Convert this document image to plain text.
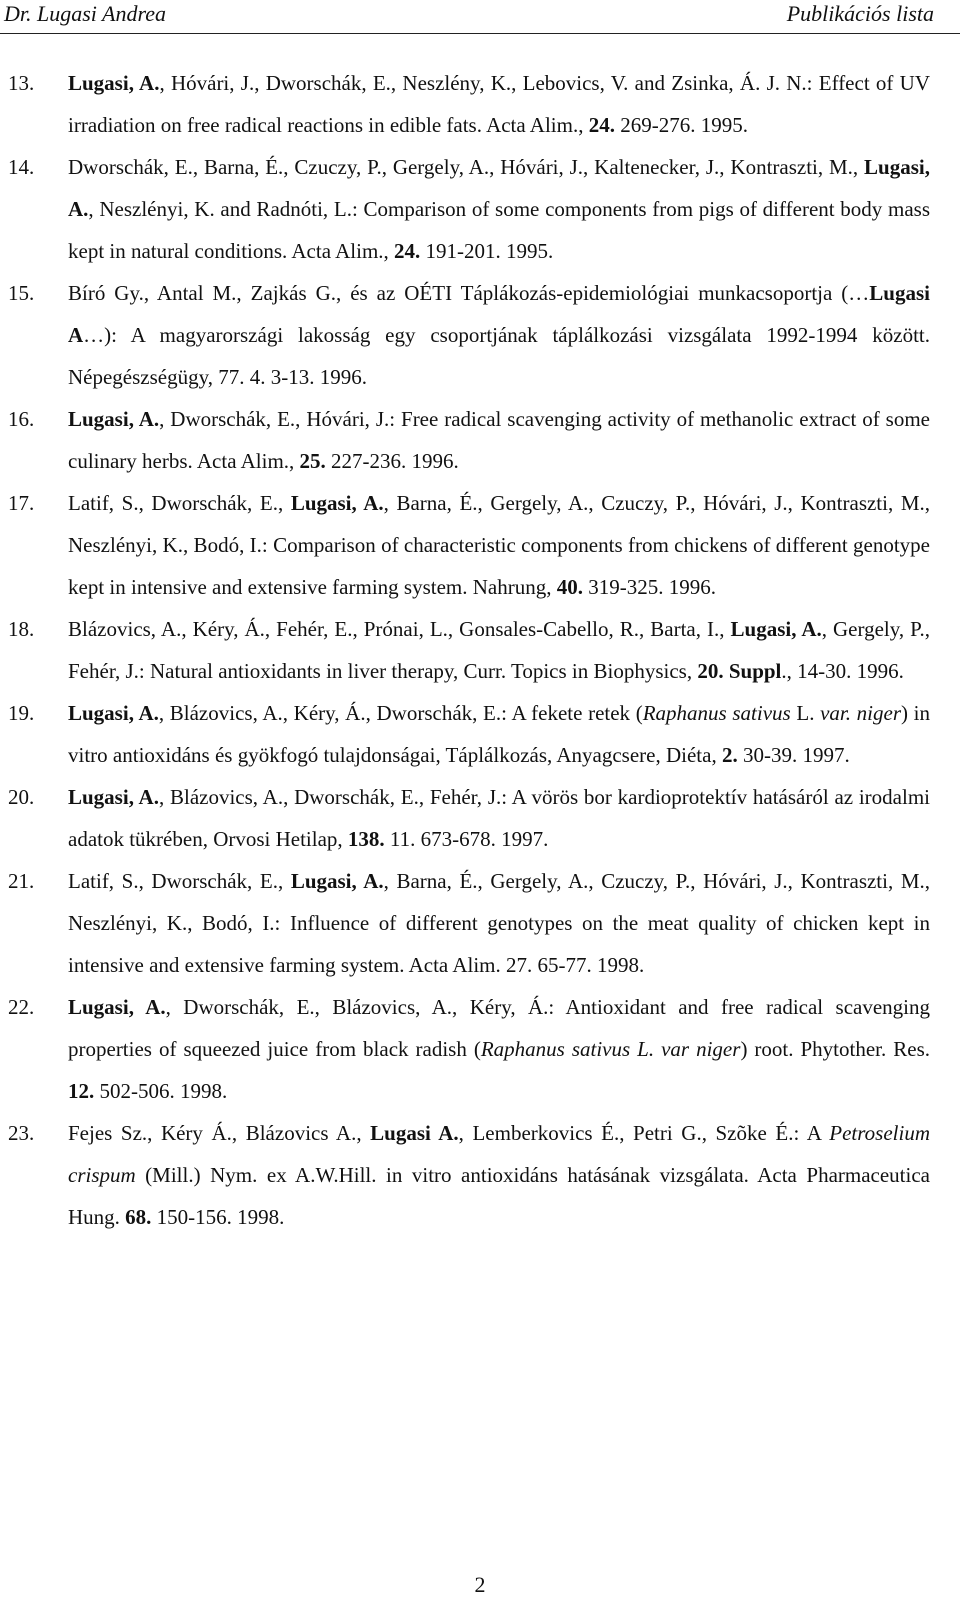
Dr. Lugasi Andrea	Publikációs lista
13. Lugasi, A., Hóvári, J., Dworschák, E., Neszlény, K., Lebovics, V. and Zsinka, Á. J. N.: Effect of UV irradiation on free radical reactions in edible fats. Acta Alim., 24. 269-276. 1995.
14. Dworschák, E., Barna, É., Czuczy, P., Gergely, A., Hóvári, J., Kaltenecker, J., Kontraszti, M., Lugasi, A., Neszlényi, K. and Radnóti, L.: Comparison of some components from pigs of different body mass kept in natural conditions. Acta Alim., 24. 191-201. 1995.
15. Bíró Gy., Antal M., Zajkás G., és az OÉTI Táplákozás-epidemiológiai munkacsoportja (…Lugasi A…): A magyarországi lakosság egy csoportjának táplálkozási vizsgálata 1992-1994 között. Népegészségügy, 77. 4. 3-13. 1996.
16. Lugasi, A., Dworschák, E., Hóvári, J.: Free radical scavenging activity of methanolic extract of some culinary herbs. Acta Alim., 25. 227-236. 1996.
17. Latif, S., Dworschák, E., Lugasi, A., Barna, É., Gergely, A., Czuczy, P., Hóvári, J., Kontraszti, M., Neszlényi, K., Bodó, I.: Comparison of characteristic components from chickens of different genotype kept in intensive and extensive farming system. Nahrung, 40. 319-325. 1996.
18. Blázovics, A., Kéry, Á., Fehér, E., Prónai, L., Gonsales-Cabello, R., Barta, I., Lugasi, A., Gergely, P., Fehér, J.: Natural antioxidants in liver therapy, Curr. Topics in Biophysics, 20. Suppl., 14-30. 1996.
19. Lugasi, A., Blázovics, A., Kéry, Á., Dworschák, E.: A fekete retek (Raphanus sativus L. var. niger) in vitro antioxidáns és gyökfogó tulajdonságai, Táplálkozás, Anyagcsere, Diéta, 2. 30-39. 1997.
20. Lugasi, A., Blázovics, A., Dworschák, E., Fehér, J.: A vörös bor kardioprotektív hatásáról az irodalmi adatok tükrében, Orvosi Hetilap, 138. 11. 673-678. 1997.
21. Latif, S., Dworschák, E., Lugasi, A., Barna, É., Gergely, A., Czuczy, P., Hóvári, J., Kontraszti, M., Neszlényi, K., Bodó, I.: Influence of different genotypes on the meat quality of chicken kept in intensive and extensive farming system. Acta Alim. 27. 65-77. 1998.
22. Lugasi, A., Dworschák, E., Blázovics, A., Kéry, Á.: Antioxidant and free radical scavenging properties of squeezed juice from black radish (Raphanus sativus L. var niger) root. Phytother. Res. 12. 502-506. 1998.
23. Fejes Sz., Kéry Á., Blázovics A., Lugasi A., Lemberkovics É., Petri G., Szõke É.: A Petroselium crispum (Mill.) Nym. ex A.W.Hill. in vitro antioxidáns hatásának vizsgálata. Acta Pharmaceutica Hung. 68. 150-156. 1998.
2
